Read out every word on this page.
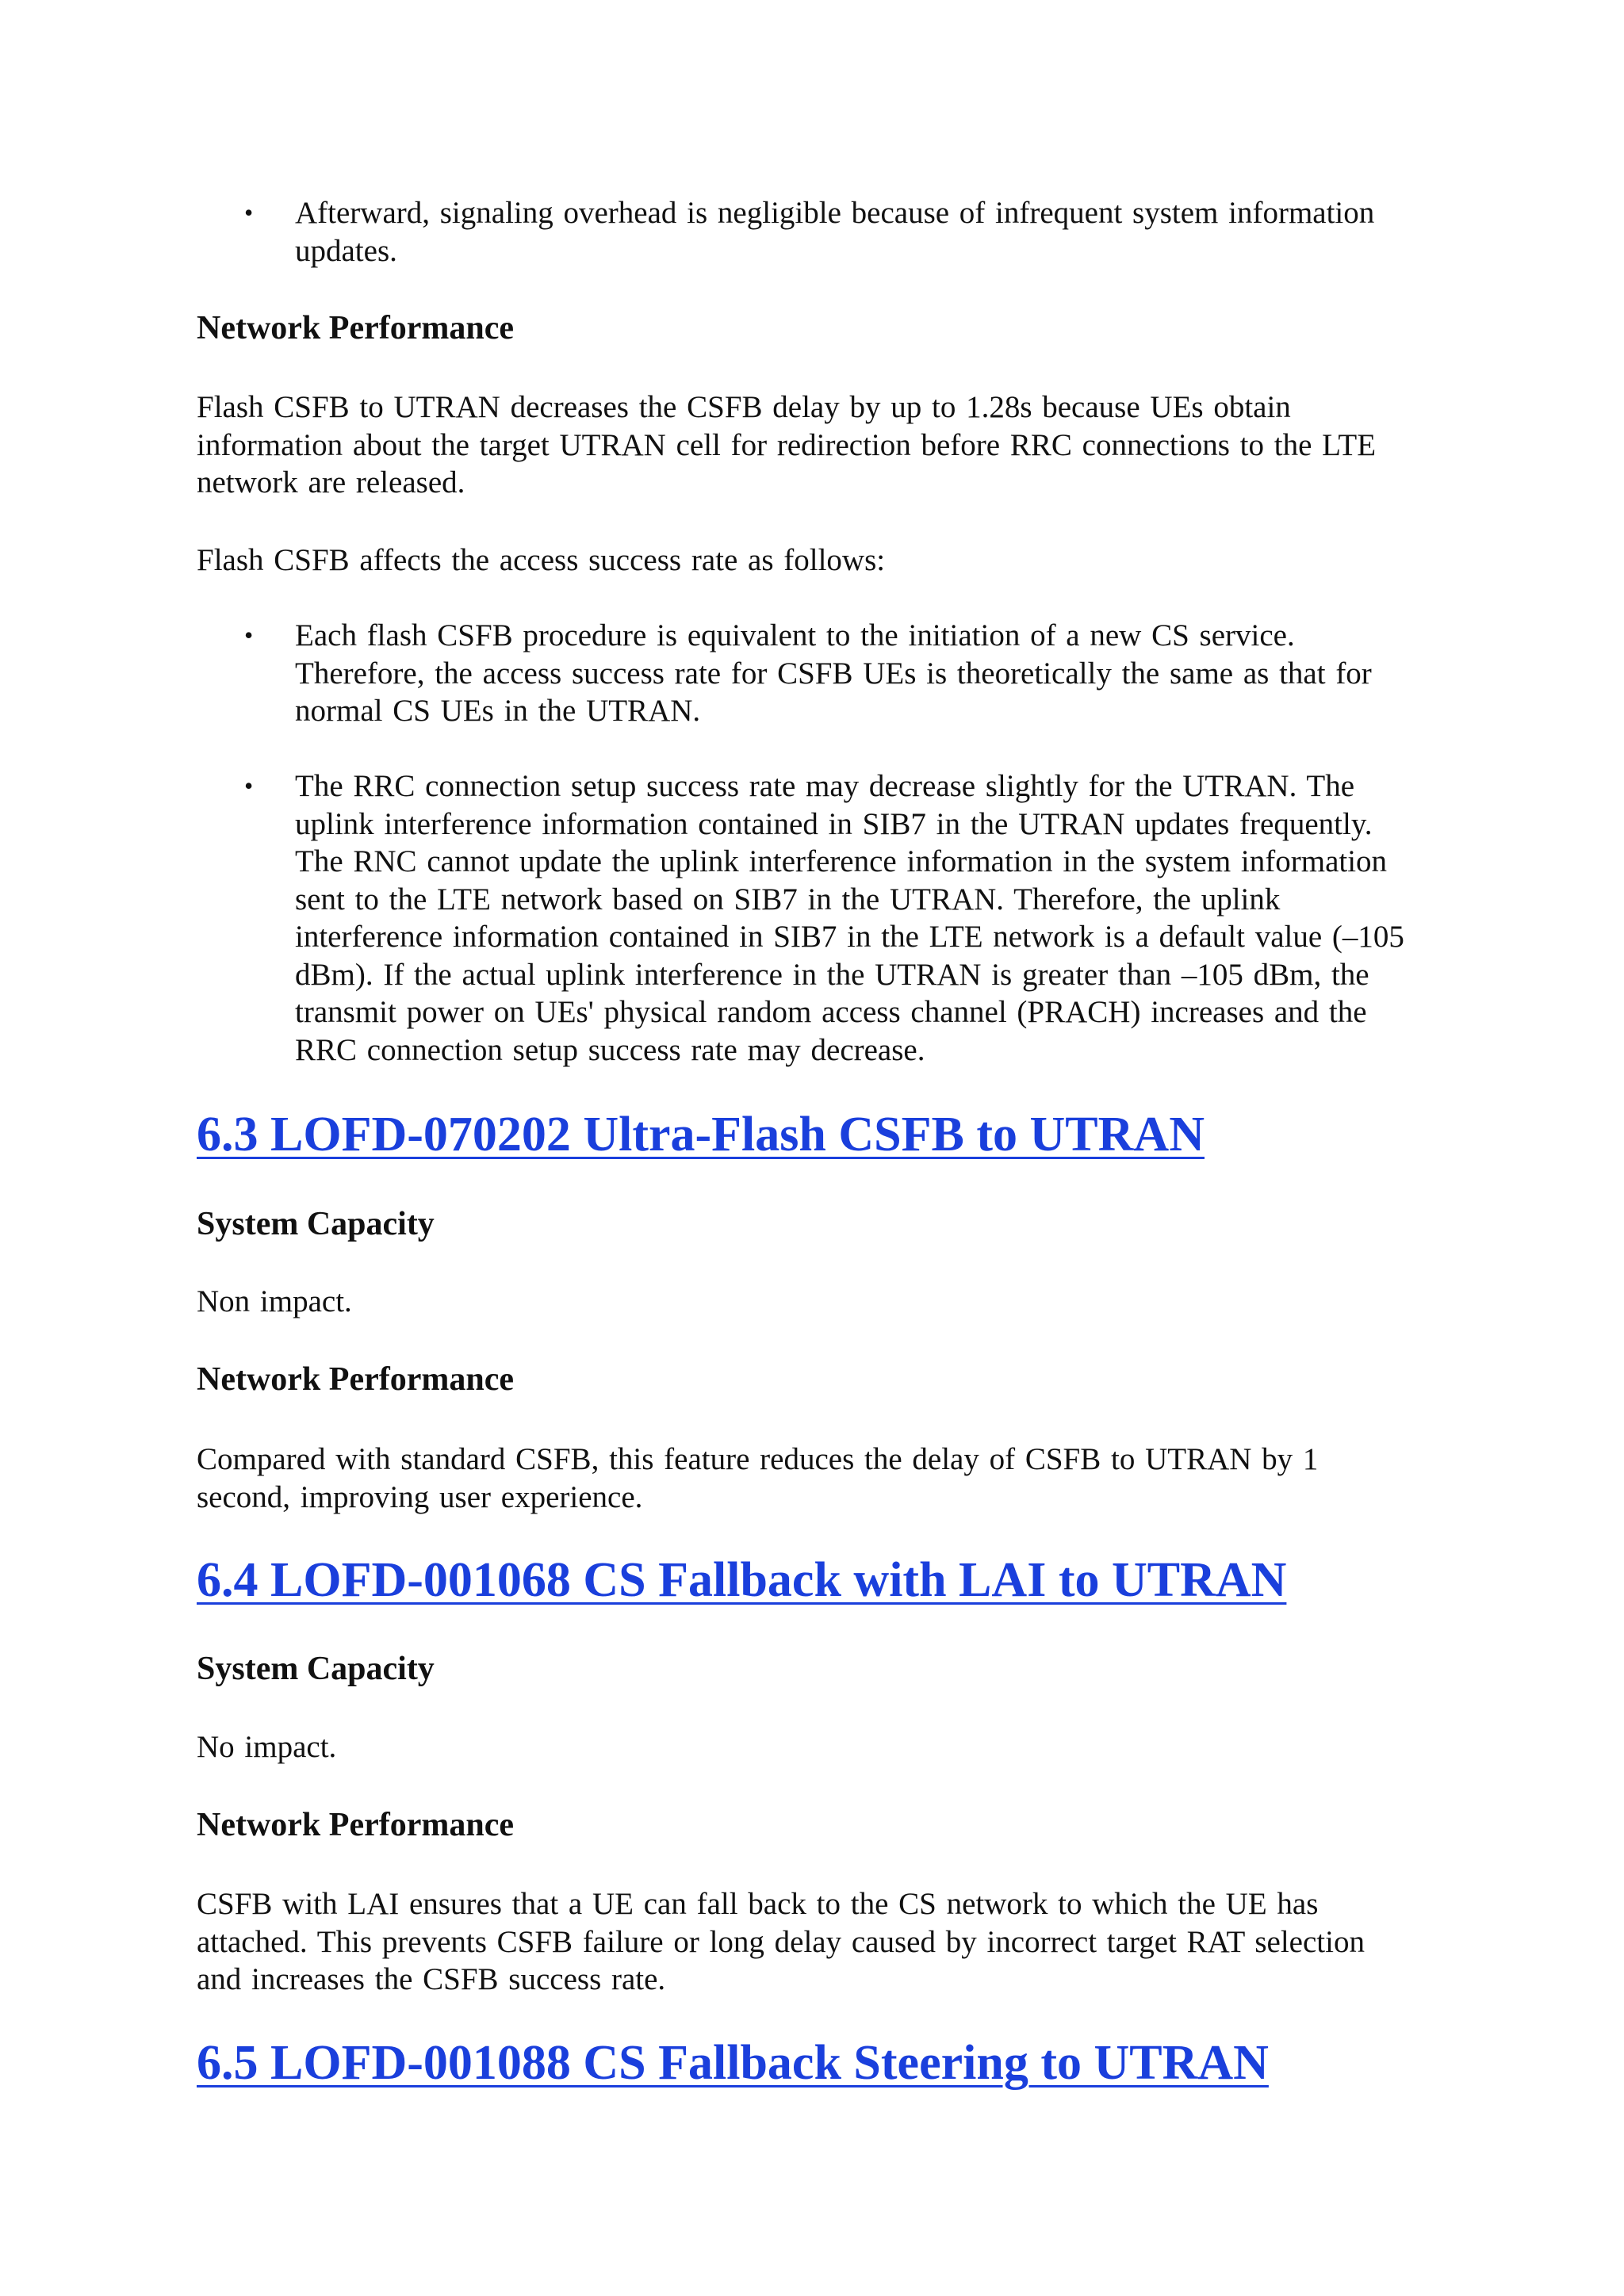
• Afterward, signaling overhead is negligible because of infrequent system information updates.

Network Performance

Flash CSFB to UTRAN decreases the CSFB delay by up to 1.28s because UEs obtain information about the target UTRAN cell for redirection before RRC connections to the LTE network are released.

Flash CSFB affects the access success rate as follows:

• Each flash CSFB procedure is equivalent to the initiation of a new CS service. Therefore, the access success rate for CSFB UEs is theoretically the same as that for normal CS UEs in the UTRAN.

• The RRC connection setup success rate may decrease slightly for the UTRAN. The uplink interference information contained in SIB7 in the UTRAN updates frequently. The RNC cannot update the uplink interference information in the system information sent to the LTE network based on SIB7 in the UTRAN. Therefore, the uplink interference information contained in SIB7 in the LTE network is a default value (–105 dBm). If the actual uplink interference in the UTRAN is greater than –105 dBm, the transmit power on UEs' physical random access channel (PRACH) increases and the RRC connection setup success rate may decrease.

6.3 LOFD-070202 Ultra-Flash CSFB to UTRAN
System Capacity

Non impact.

Network Performance

Compared with standard CSFB, this feature reduces the delay of CSFB to UTRAN by 1 second, improving user experience.

6.4 LOFD-001068 CS Fallback with LAI to UTRAN
System Capacity

No impact.

Network Performance

CSFB with LAI ensures that a UE can fall back to the CS network to which the UE has attached. This prevents CSFB failure or long delay caused by incorrect target RAT selection and increases the CSFB success rate.

6.5 LOFD-001088 CS Fallback Steering to UTRAN
